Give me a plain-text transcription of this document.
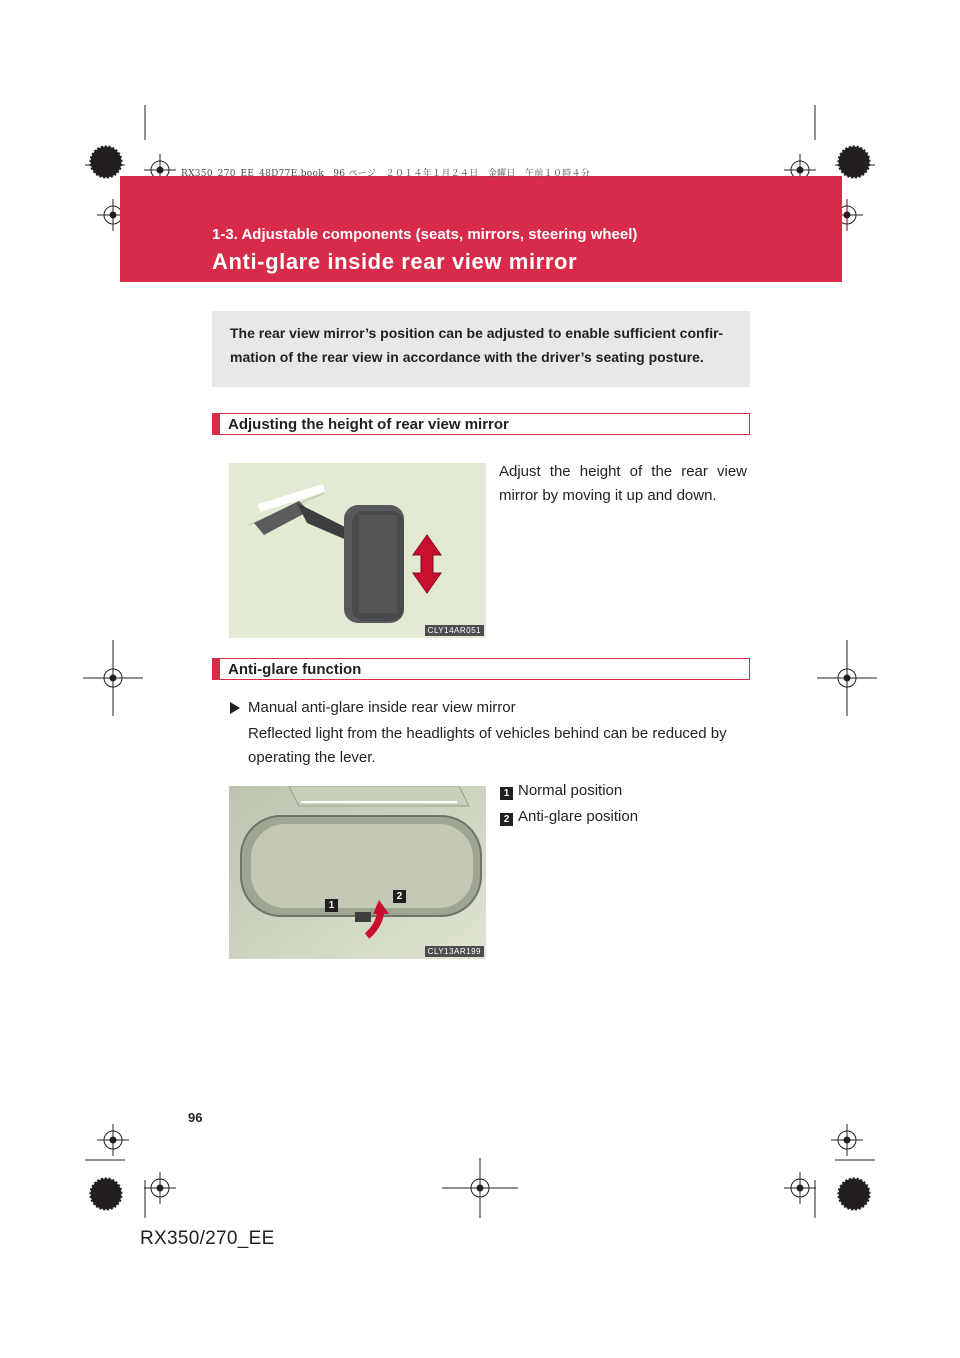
RX350_270_EE_48D77E.book　96 ページ　２０１４年１月２４日　金曜日　午前１０時４分
1-3. Adjustable components (seats, mirrors, steering wheel)
Anti-glare inside rear view mirror
The rear view mirror’s position can be adjusted to enable sufficient confir- mation of the rear view in accordance with the driver’s seating posture.
Adjusting the height of rear view mirror
CLY14AR051
Adjust the height of the rear view mirror by moving it up and down.
Anti-glare function
Manual anti-glare inside rear view mirror
Reflected light from the headlights of vehicles behind can be reduced by operating the lever.
1
2
CLY13AR199
1 Normal position
2 Anti-glare position
96
RX350/270_EE
